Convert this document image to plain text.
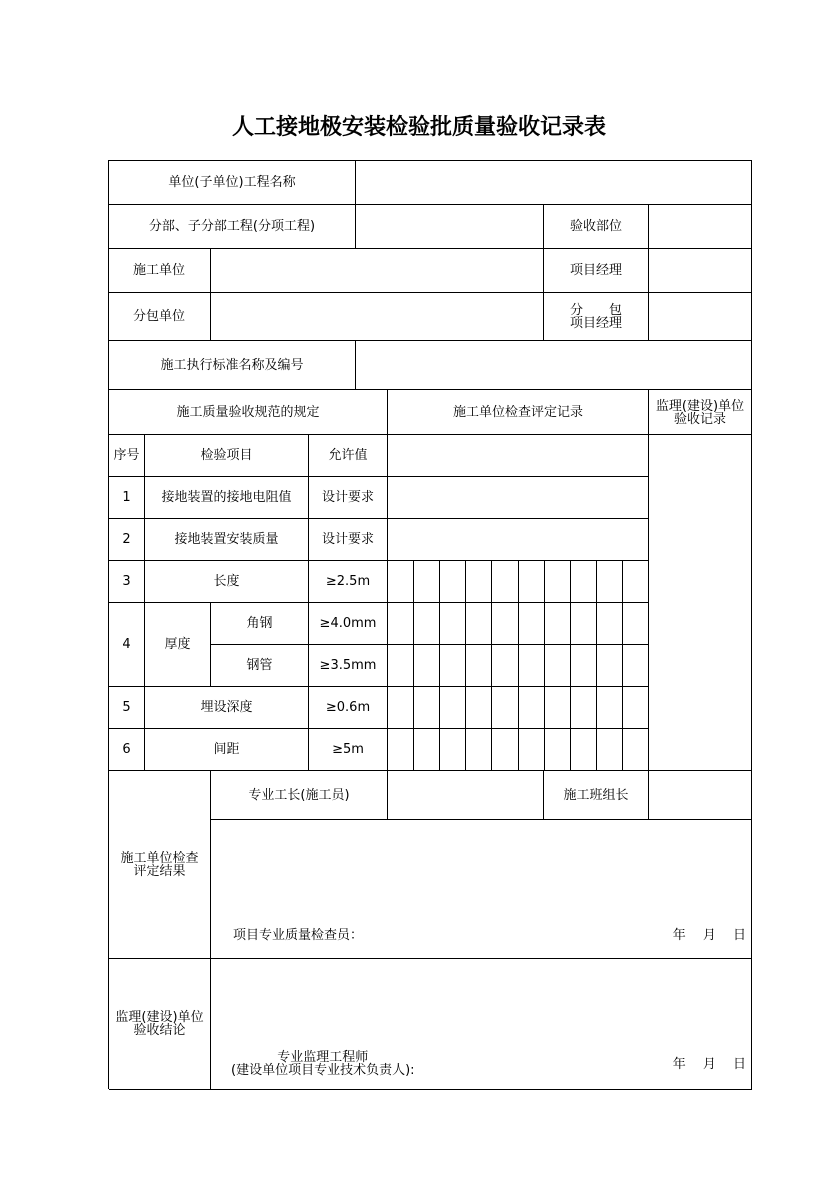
人工接地极安装检验批质量验收记录表
单位(子单位)工程名称
分部、子分部工程(分项工程)	验收部位
施工单位	项目经理
分包单位	分　　包
项目经理
施工执行标准名称及编号
施工质量验收规范的规定	施工单位检查评定记录	监理(建设)单位
验收记录
序号	检验项目	允许值
1	接地装置的接地电阻值	设计要求
2	接地装置安装质量	设计要求
3	长度	≥2.5m
4	厚度
角钢	≥4.0mm
钢管	≥3.5mm
5	埋设深度	≥0.6m
6	间距	≥5m
施工单位检查
评定结果
专业工长(施工员)	施工班组长
项目专业质量检查员：	年　 月　 日
监理(建设)单位
验收结论
专业监理工程师
(建设单位项目专业技术负责人):	年　 月　 日
